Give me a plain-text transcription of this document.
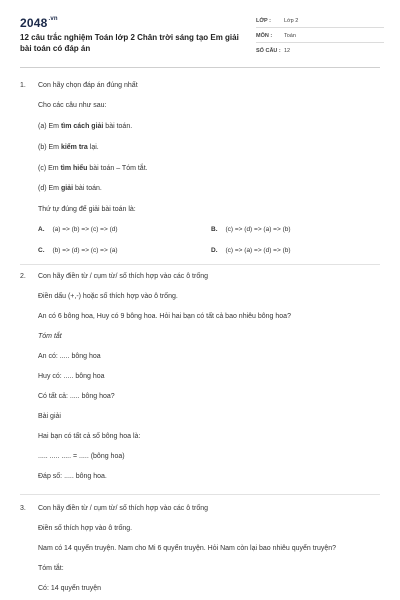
$2048^{.vn}$
12 câu trắc nghiệm Toán lớp 2 Chân trời sáng tạo Em giải bài toán có đáp án
LỚP : Lớp 2
MÔN : Toán
SỐ CÂU : 12
1. Con hãy chọn đáp án đúng nhất
Cho các câu như sau:
(a) Em tìm cách giải bài toán.
(b) Em kiểm tra lại.
(c) Em tìm hiểu bài toán – Tóm tắt.
(d) Em giải bài toán.
Thứ tự đúng để giải bài toán là:
A. (a) => (b) => (c) => (d)	B. (c) => (d) => (a) => (b)
C. (b) => (d) => (c) => (a)	D. (c) => (a) => (d) => (b)
2. Con hãy điền từ / cụm từ/ số thích hợp vào các ô trống
Điền dấu (+,-) hoặc số thích hợp vào ô trống.
An có 6 bông hoa, Huy có 9 bông hoa. Hỏi hai bạn có tất cả bao nhiêu bông hoa?
Tóm tắt
An có: ..... bông hoa
Huy có: ..... bông hoa
Có tất cả: ..... bông hoa?
Bài giải
Hai bạn có tất cả số bông hoa là:
..... ..... ..... = ..... (bông hoa)
Đáp số: ..... bông hoa.
3. Con hãy điền từ / cụm từ/ số thích hợp vào các ô trống
Điền số thích hợp vào ô trống.
Nam có 14 quyển truyện. Nam cho Mi 6 quyển truyện. Hỏi Nam còn lại bao nhiêu quyển truyện?
Tóm tắt:
Có: 14 quyển truyện
